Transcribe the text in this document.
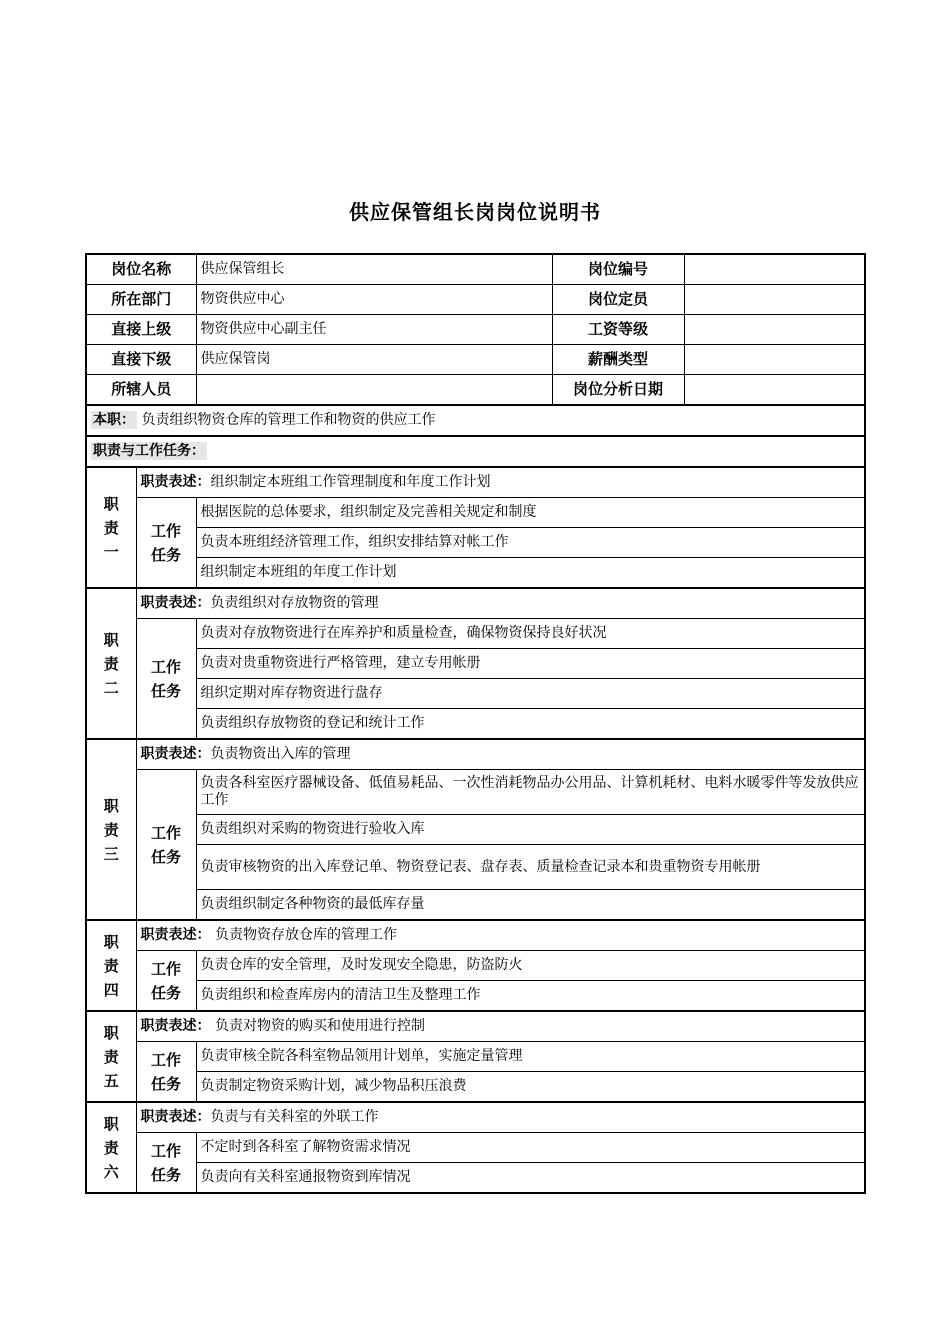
供应保管组长岗岗位说明书
岗位名称		供应保管组长	岗位编号	
所在部门		物资供应中心	岗位定员	
直接上级		物资供应中心副主任	工资等级	
直接下级		供应保管岗	薪酬类型	
所辖人员			岗位分析日期	
本职： 负责组织物资仓库的管理工作和物资的供应工作				
职责与工作任务：				
职
责
一	职责表述：组织制定本班组工作管理制度和年度工作计划			
	工作
任务	根据医院的总体要求，组织制定及完善相关规定和制度		
		负责本班组经济管理工作，组织安排结算对帐工作		
		组织制定本班组的年度工作计划		
职
责
二	职责表述：负责组织对存放物资的管理			
	工作
任务	负责对存放物资进行在库养护和质量检查，确保物资保持良好状况		
		负责对贵重物资进行严格管理，建立专用帐册		
		组织定期对库存物资进行盘存		
		负责组织存放物资的登记和统计工作		
职
责
三	职责表述：负责物资出入库的管理			
	工作
任务	负责各科室医疗器械设备、低值易耗品、一次性消耗物品办公用品、计算机耗材、电料水暖零件等发放供应工作		
		负责组织对采购的物资进行验收入库		
		负责审核物资的出入库登记单、物资登记表、盘存表、质量检查记录本和贵重物资专用帐册		
		负责组织制定各种物资的最低库存量		
职
责
四	职责表述： 负责物资存放仓库的管理工作			
	工作
任务	负责仓库的安全管理，及时发现安全隐患，防盗防火		
		负责组织和检查库房内的清洁卫生及整理工作		
职
责
五	职责表述： 负责对物资的购买和使用进行控制			
	工作
任务	负责审核全院各科室物品领用计划单，实施定量管理		
		负责制定物资采购计划，减少物品积压浪费		
职
责
六	职责表述：负责与有关科室的外联工作			
	工作
任务	不定时到各科室了解物资需求情况		
		负责向有关科室通报物资到库情况		
